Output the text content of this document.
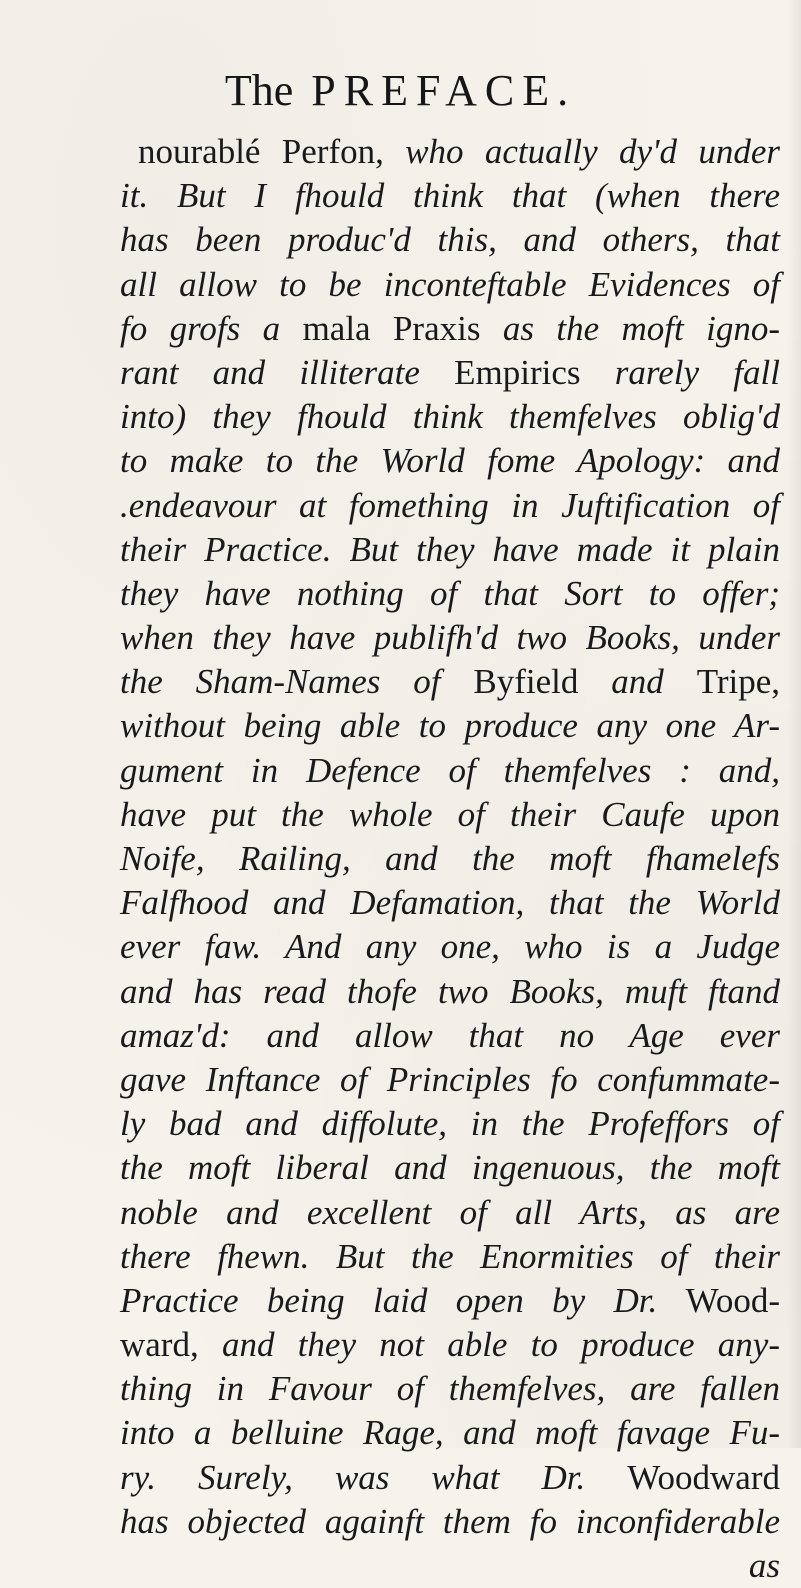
The PREFACE.
nourablé Perfon, who actually dy'd under
it. But I fhould think that (when there
has been produc'd this, and others, that
all allow to be inconteftable Evidences of
fo grofs a mala Praxis as the moft igno-
rant and illiterate Empirics rarely fall
into) they fhould think themfelves oblig'd
to make to the World fome Apology: and
.endeavour at fomething in Juftification of
their Practice. But they have made it plain
they have nothing of that Sort to offer;
when they have publifh'd two Books, under
the Sham-Names of Byfield and Tripe,
without being able to produce any one Ar-
gument in Defence of themfelves : and,
have put the whole of their Caufe upon
Noife, Railing, and the moft fhamelefs
Falfhood and Defamation, that the World
ever faw. And any one, who is a Judge
and has read thofe two Books, muft ftand
amaz'd: and allow that no Age ever
gave Inftance of Principles fo confummate-
ly bad and diffolute, in the Profeffors of
the moft liberal and ingenuous, the moft
noble and excellent of all Arts, as are
there fhewn. But the Enormities of their
Practice being laid open by Dr. Wood-
ward, and they not able to produce any-
thing in Favour of themfelves, are fallen
into a belluine Rage, and moft favage Fu-
ry. Surely, was what Dr. Woodward
has objected againft them fo inconfiderable
as
